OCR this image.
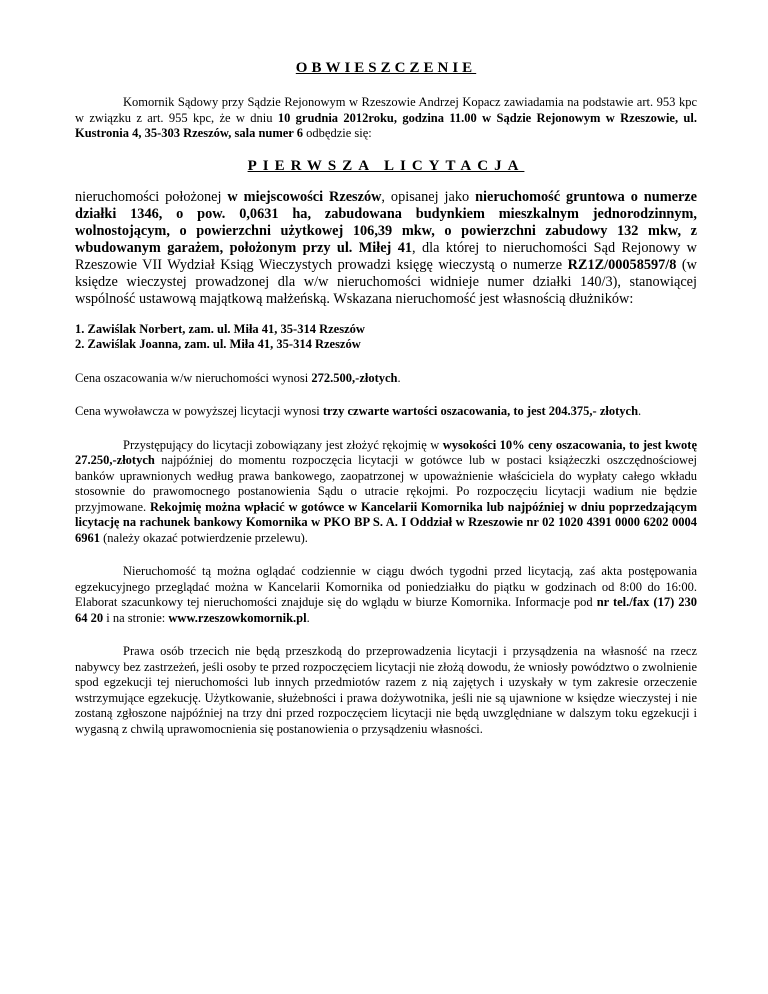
OBWIESZCZENIE

Komornik Sądowy przy Sądzie Rejonowym w Rzeszowie Andrzej Kopacz zawiadamia na podstawie art. 953 kpc w związku z art. 955 kpc, że w dniu 10 grudnia 2012roku, godzina 11.00 w Sądzie Rejonowym w Rzeszowie, ul. Kustronia 4, 35-303 Rzeszów, sala numer 6 odbędzie się:

PIERWSZA LICYTACJA

nieruchomości położonej w miejscowości Rzeszów, opisanej jako nieruchomość gruntowa o numerze działki 1346, o pow. 0,0631 ha, zabudowana budynkiem mieszkalnym jednorodzinnym, wolnostojącym, o powierzchni użytkowej 106,39 mkw, o powierzchni zabudowy 132 mkw, z wbudowanym garażem, położonym przy ul. Miłej 41, dla której to nieruchomości Sąd Rejonowy w Rzeszowie VII Wydział Ksiąg Wieczystych prowadzi księgę wieczystą o numerze RZ1Z/00058597/8 (w księdze wieczystej prowadzonej dla w/w nieruchomości widnieje numer działki 140/3), stanowiącej wspólność ustawową majątkową małżeńską. Wskazana nieruchomość jest własnością dłużników:

1. Zawiślak Norbert, zam. ul. Miła 41, 35-314 Rzeszów
2. Zawiślak Joanna, zam. ul. Miła 41, 35-314 Rzeszów

Cena oszacowania w/w nieruchomości wynosi 272.500,-złotych.

Cena wywoławcza w powyższej licytacji wynosi trzy czwarte wartości oszacowania, to jest 204.375,- złotych.

Przystępujący do licytacji zobowiązany jest złożyć rękojmię w wysokości 10% ceny oszacowania, to jest kwotę 27.250,-złotych najpóźniej do momentu rozpoczęcia licytacji w gotówce lub w postaci książeczki oszczędnościowej banków uprawnionych według prawa bankowego, zaopatrzonej w upoważnienie właściciela do wypłaty całego wkładu stosownie do prawomocnego postanowienia Sądu o utracie rękojmi. Po rozpoczęciu licytacji wadium nie będzie przyjmowane. Rekojmię można wpłacić w gotówce w Kancelarii Komornika lub najpóźniej w dniu poprzedzającym licytację na rachunek bankowy Komornika w PKO BP S. A. I Oddział w Rzeszowie nr 02 1020 4391 0000 6202 0004 6961 (należy okazać potwierdzenie przelewu).

Nieruchomość tą można oglądać codziennie w ciągu dwóch tygodni przed licytacją, zaś akta postępowania egzekucyjnego przeglądać można w Kancelarii Komornika od poniedziałku do piątku w godzinach od 8:00 do 16:00. Elaborat szacunkowy tej nieruchomości znajduje się do wglądu w biurze Komornika. Informacje pod nr tel./fax (17) 230 64 20 i na stronie: www.rzeszowkomornik.pl.

Prawa osób trzecich nie będą przeszkodą do przeprowadzenia licytacji i przysądzenia na własność na rzecz nabywcy bez zastrzeżeń, jeśli osoby te przed rozpoczęciem licytacji nie złożą dowodu, że wniosły powództwo o zwolnienie spod egzekucji tej nieruchomości lub innych przedmiotów razem z nią zajętych i uzyskały w tym zakresie orzeczenie wstrzymujące egzekucję. Użytkowanie, służebności i prawa dożywotnika, jeśli nie są ujawnione w księdze wieczystej i nie zostaną zgłoszone najpóźniej na trzy dni przed rozpoczęciem licytacji nie będą uwzględniane w dalszym toku egzekucji i wygasną z chwilą uprawomocnienia się postanowienia o przysądzeniu własności.
